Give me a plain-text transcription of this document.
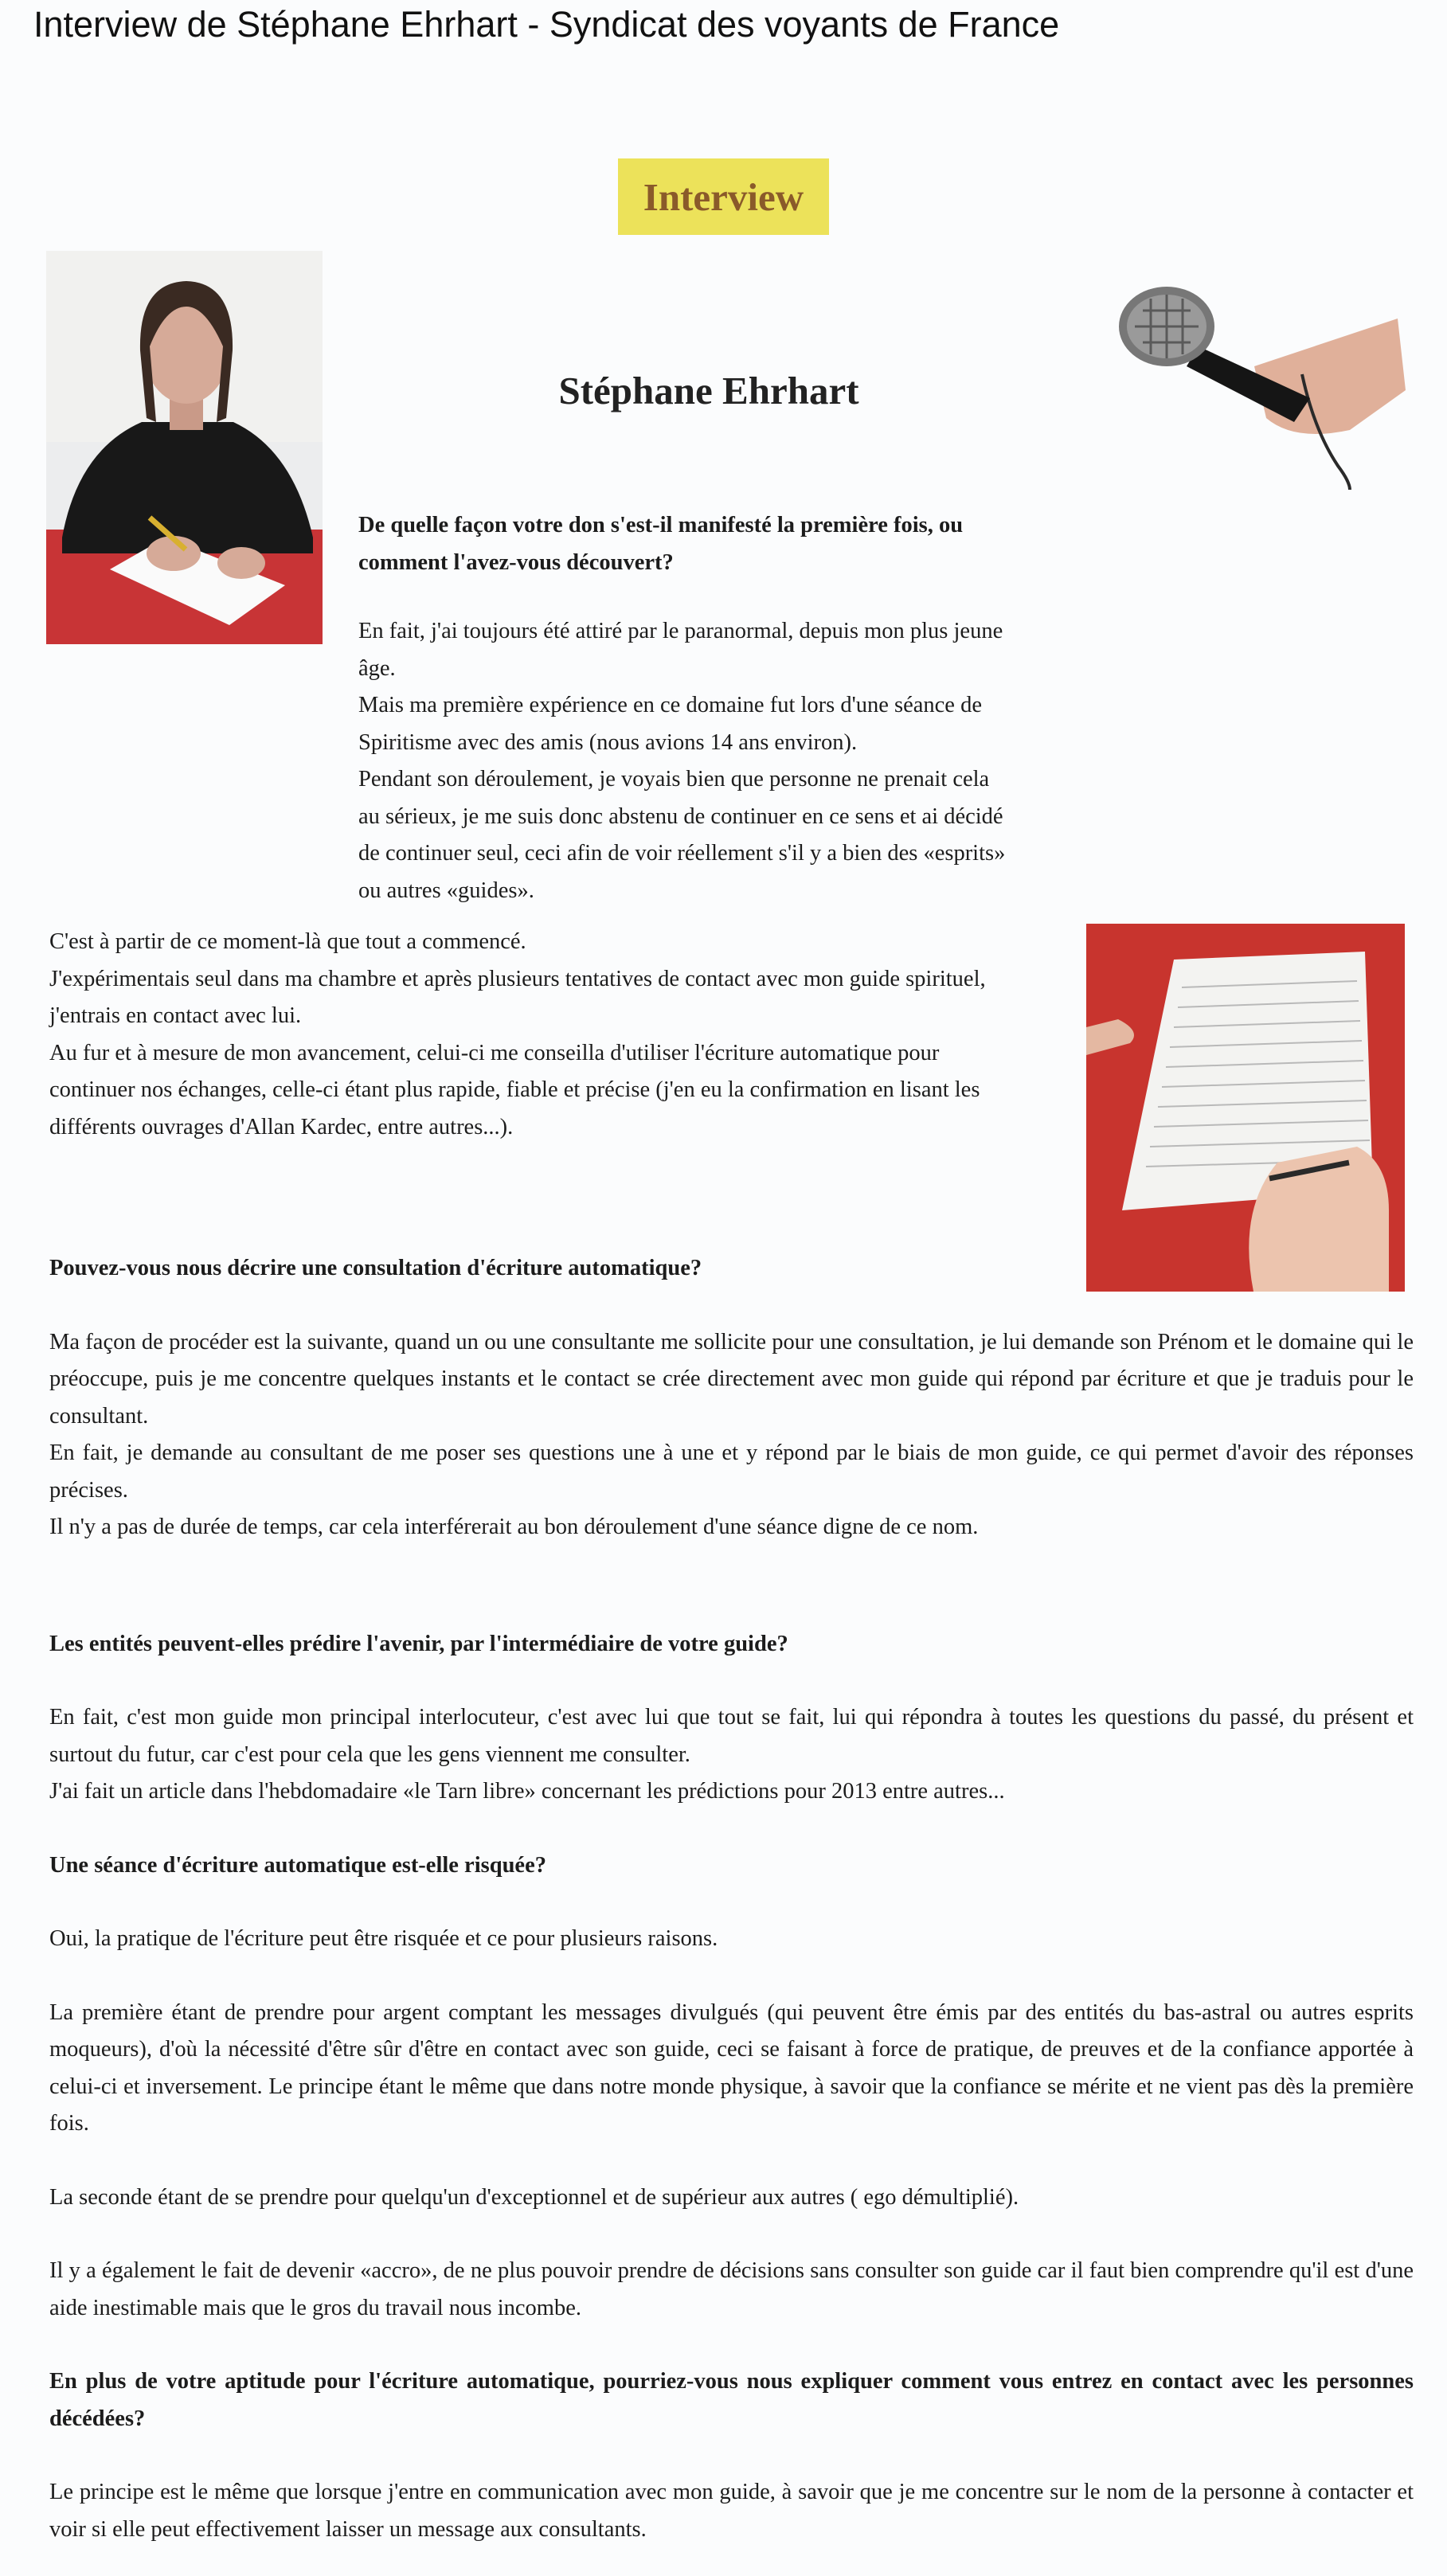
Interview de Stéphane Ehrhart - Syndicat des voyants de France
Interview
Stéphane Ehrhart

De quelle façon votre don s'est-il manifesté la première fois, ou

comment l'avez-vous découvert?

En fait, j'ai toujours été attiré par le paranormal, depuis mon plus jeune

âge.

Mais ma première expérience en ce domaine fut lors d'une séance de

Spiritisme avec des amis (nous avions 14 ans environ).

Pendant son déroulement, je voyais bien que personne ne prenait cela

au sérieux, je me suis donc abstenu de continuer en ce sens et ai décidé

de continuer seul, ceci afin de voir réellement s'il y a bien des «esprits»

ou autres «guides».

C'est à partir de ce moment-là que tout a commencé.

J'expérimentais seul dans ma chambre et après plusieurs tentatives de contact avec mon guide spirituel,

j'entrais en contact avec lui.

Au fur et à mesure de mon avancement, celui-ci me conseilla d'utiliser l'écriture automatique pour

continuer nos échanges, celle-ci étant plus rapide, fiable et précise (j'en eu la confirmation en lisant les

différents ouvrages d'Allan Kardec, entre autres...).

Pouvez-vous nous décrire une consultation d'écriture automatique?

Ma façon de procéder est la suivante, quand un ou une consultante me sollicite pour une consultation, je lui demande son Prénom et le domaine qui le préoccupe, puis je me concentre quelques instants et le contact se crée directement avec mon guide qui répond par écriture et que je traduis pour le consultant.

En fait, je demande au consultant de me poser ses questions une à une et y répond par le biais de mon guide, ce qui permet d'avoir des réponses précises.

Il n'y a pas de durée de temps, car cela interférerait au bon déroulement d'une séance digne de ce nom.

Les entités peuvent-elles prédire l'avenir, par l'intermédiaire de votre guide?

En fait, c'est mon guide mon principal interlocuteur, c'est avec lui que tout se fait, lui qui répondra à toutes les questions du passé, du présent et surtout du futur, car c'est pour cela que les gens viennent me consulter.

J'ai fait un article dans l'hebdomadaire «le Tarn libre» concernant les prédictions pour 2013 entre autres...

Une séance d'écriture automatique est-elle risquée?

Oui, la pratique de l'écriture peut être risquée et ce pour plusieurs raisons.

La première étant de prendre pour argent comptant les messages divulgués (qui peuvent être émis par des entités du bas-astral ou autres esprits moqueurs), d'où la nécessité d'être sûr d'être en contact avec son guide, ceci se faisant à force de pratique, de preuves et de la confiance apportée à celui-ci et inversement. Le principe étant le même que dans notre monde physique, à savoir que la confiance se mérite et ne vient pas dès la première fois.

La seconde étant de se prendre pour quelqu'un d'exceptionnel et de supérieur aux autres ( ego démultiplié).

Il y a également le fait de devenir «accro», de ne plus pouvoir prendre de décisions sans consulter son guide car il faut bien comprendre qu'il est d'une aide inestimable mais que le gros du travail nous incombe.

En plus de votre aptitude pour l'écriture automatique, pourriez-vous nous expliquer comment vous entrez en contact avec les personnes décédées?

Le principe est le même que lorsque j'entre en communication avec mon guide, à savoir que je me concentre sur le nom de la personne à contacter et voir si elle peut effectivement laisser un message aux consultants.
